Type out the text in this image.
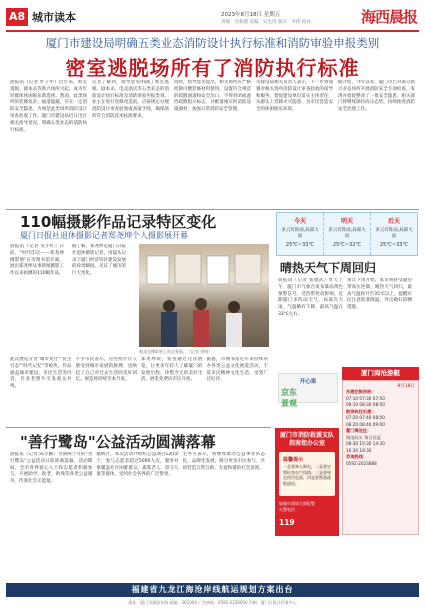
A8 城市读本	2023年8月18日 星期五
责编：肖新德 美编：吴先进 版式：李伟 校对：	海西晨报
厦门市建设局明确五类业态消防设计执行标准和消防审验申报类别
密室逃脱场所有了消防执行标准
晨报讯（记者 叶子申）近年来，密室逃脱、剧本杀等新兴场所兴起，成为年轻群体休闲娱乐新选择。然而，此类场所的装修复杂、通道隐蔽，存在一定消防安全隐患。为规范此类场所消防设计审查验收工作，厦门市建设局近日出台相关指导意见，明确五类业态的消防执行标准。
记者了解到，指导意见明确了密室逃脱、剧本杀、电竞酒店等五类业态的消防设计执行标准及消防审验申报类别。业主在进行装修改造前，应按规定办理消防设计审查验收或备案手续，确保场所符合消防技术标准要求。
同时，指导意见提出，相关场所应严格控制可燃装修材料使用，设置符合规范的疏散通道和安全出口，不得封闭或遮挡疏散指示标志，并配备相应的消防设施器材，加强日常消防安全管理。
市建设局相关负责人表示，下一步将加强对相关场所消防设计审查验收的指导和服务，督促建设单位落实主体责任，从源头上消除火灾隐患，为市民营造安全的休闲娱乐环境。
据介绍，今年以来，厦门市已对部分新兴业态场所开展消防安全专项检查，发现并督促整改了一批安全隐患，相关部门将继续保持高压态势，持续推进消防安全治理工作。
110幅摄影作品记录特区变化
厦门日报社退休摄影记者郑尧坤个人摄影展开幕
晨报讯（记者 吴小红）日前，"时代印记——郑尧坤摄影展"在市图书馆开幕，展出郑尧坤从事新闻摄影工作以来拍摄的110幅作品。
据了解，郑尧坤是厦门日报社退休摄影记者，用镜头记录下厦门经济特区建设发展的珍贵瞬间，见证了城市的巨大变化。
观众在摄影展上驻足观看。（记者 供图）
此次展览分为"城市变迁""民生百态""时代记忆"等板块，作品涵盖城市建设、市民生活等内容，许多老照片引发观众共鸣。
不少市民表示，这些照片让人感受到城市发展的脉搏，也唤起了自己对过去生活的美好回忆。展览将持续至本月底。
郑尧坤说，希望通过这次展览，让更多年轻人了解厦门的发展历程，珍惜今天的美好生活。展览免费向市民开放。
据悉，市图书馆近年来持续举办各类公益文化展览活动，丰富市民精神文化生活，受到广泛好评。
今天
多云有阵雨,局部大雨
25℃~33℃
明天
多云有阵雨,局部大雨
25℃~32℃
后天
多云有阵雨,局部大雨
25℃~33℃
晴热天气下周回归
晨报讯（记者 张德武）昨天上午，厦门市气象台发布暴雨黄色预警信号。受热带扰动影响，近期厦门多阵雨天气，局部有大雨，气温略有下降，最高气温在33℃左右。
预计下周开始，本市将转受副热带高压控制，晴热天气回归，最高气温将升至35℃以上，提醒市民注意防暑降温，外出做好防晒措施。
开心果
京东
景观
厦门海沧游艇
8月18日
东渡往鼓浪屿：
07:10 07:30 07:50
08:10 08:30 08:50
鼓浪屿往东渡：
07:20 07:40 08:00
08:20 08:40 09:00
厦门海沧往：
海沧码头 每日往返
08:30 10:30 14:30
16:30 18:30
咨询热线：
0592-2023888
"善行鹭岛"公益活动圆满落幕
晨报讯（记者 陈小鹏）为期两个月的"善行鹭岛"公益活动日前圆满落幕。活动期间，全市各界爱心人士和志愿者积极参与，开展助学、助老、助残等各类公益服务，传递社会正能量。
据统计，本次活动共组织公益项目120余个，参与志愿者超过5000人次，服务对象覆盖社区困难群众、孤寡老人、留守儿童等群体，受到社会各界的广泛赞誉。
主办方表示，将继续推动公益事业常态化、品牌化发展，吸引更多市民参与，共同营造互帮互助、友爱和谐的社会氛围。
厦门市消防救援支队
指南您办公室
温馨提示
一是要离人断电，二是要定期检查电气线路，三是要规范使用电器，四是要熟悉疏散通道。
如遇火情请立即报警
火警电话
119
福建省九龙江海沧岸线航运规划方案出台
地址：厦门市湖滨东路 邮编：361004 广告热线：0592-2220000 印刷：厦门日报社印务中心
